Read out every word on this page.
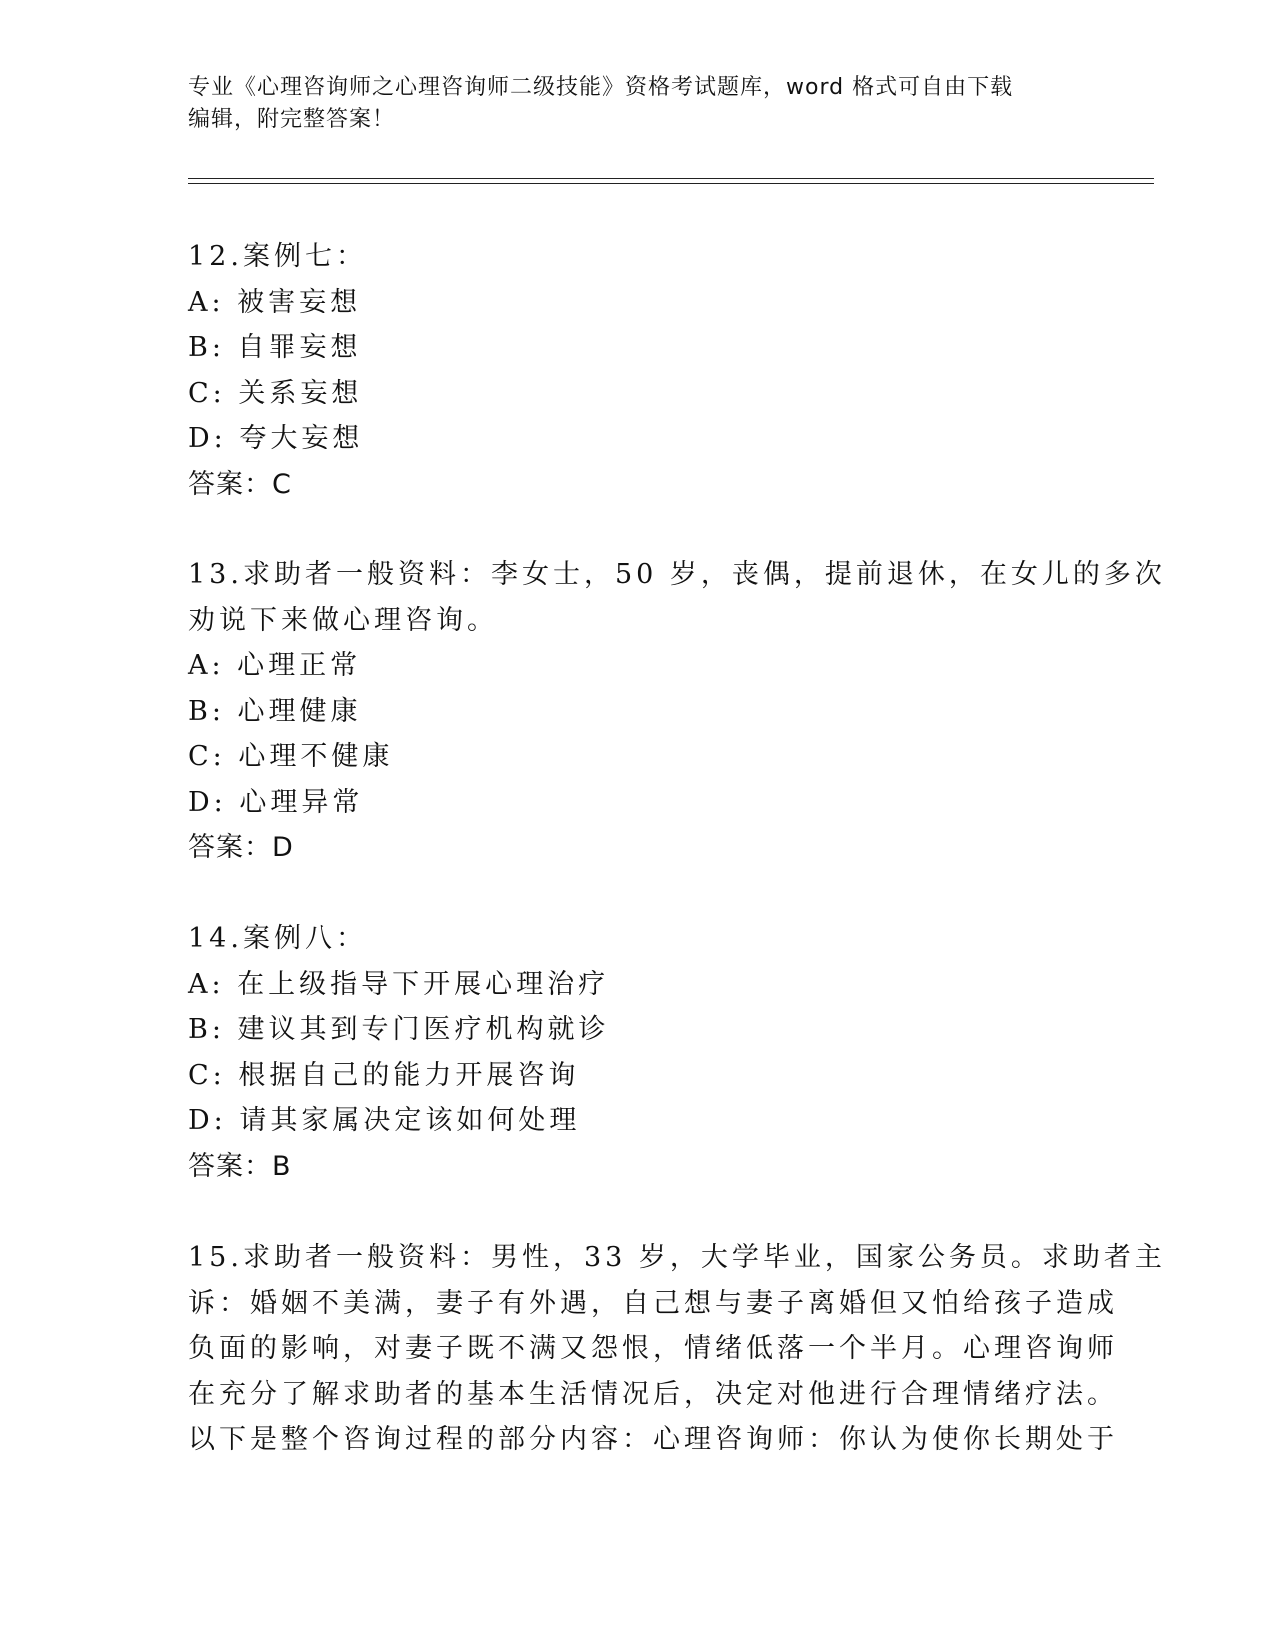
专业《心理咨询师之心理咨询师二级技能》资格考试题库，word 格式可自由下载
编辑，附完整答案！
12.案例七：
A: 被害妄想
B: 自罪妄想
C: 关系妄想
D: 夸大妄想
答案：C
13.求助者一般资料：李女士，50 岁，丧偶，提前退休，在女儿的多次
劝说下来做心理咨询。
A: 心理正常
B: 心理健康
C: 心理不健康
D: 心理异常
答案：D
14.案例八：
A: 在上级指导下开展心理治疗
B: 建议其到专门医疗机构就诊
C: 根据自己的能力开展咨询
D: 请其家属决定该如何处理
答案：B
15.求助者一般资料：男性，33 岁，大学毕业，国家公务员。求助者主
诉：婚姻不美满，妻子有外遇，自己想与妻子离婚但又怕给孩子造成
负面的影响，对妻子既不满又怨恨，情绪低落一个半月。心理咨询师
在充分了解求助者的基本生活情况后，决定对他进行合理情绪疗法。
以下是整个咨询过程的部分内容：心理咨询师：你认为使你长期处于
